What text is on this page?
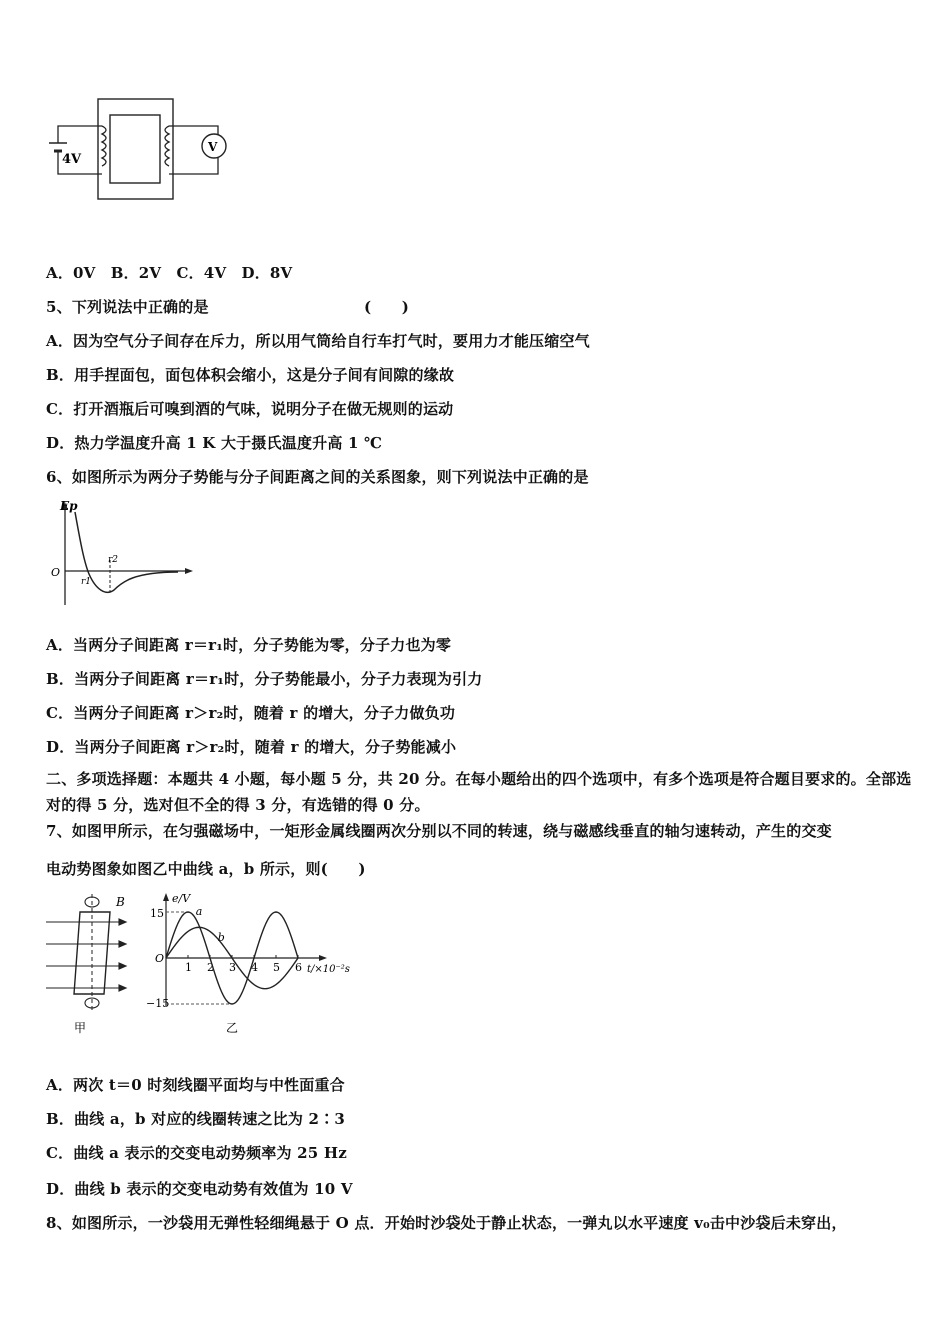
4V
V
A．0V　B．2V　C．4V　D．8V
5、下列说法中正确的是	(　　)
A．因为空气分子间存在斥力，所以用气筒给自行车打气时，要用力才能压缩空气
B．用手捏面包，面包体积会缩小，这是分子间有间隙的缘故
C．打开酒瓶后可嗅到酒的气味，说明分子在做无规则的运动
D．热力学温度升高 1 K 大于摄氏温度升高 1 ℃
6、如图所示为两分子势能与分子间距离之间的关系图象，则下列说法中正确的是
Ep
O
r1
r2
A．当两分子间距离 r＝r₁时，分子势能为零，分子力也为零
B．当两分子间距离 r＝r₁时，分子势能最小，分子力表现为引力
C．当两分子间距离 r＞r₂时，随着 r 的增大，分子力做负功
D．当两分子间距离 r＞r₂时，随着 r 的增大，分子势能减小
二、多项选择题：本题共 4 小题，每小题 5 分，共 20 分。在每小题给出的四个选项中，有多个选项是符合题目要求的。全部选对的得 5 分，选对但不全的得 3 分，有选错的得 0 分。
7、如图甲所示，在匀强磁场中，一矩形金属线圈两次分别以不同的转速，绕与磁感线垂直的轴匀速转动，产生的交变
电动势图象如图乙中曲线 a，b 所示，则(　　)
B
甲
e/V
t/×10⁻²s
O
15
−15
1 2 3 4 5 6
a
b
乙
A．两次 t＝0 时刻线圈平面均与中性面重合
B．曲线 a，b 对应的线圈转速之比为 2∶3
C．曲线 a 表示的交变电动势频率为 25 Hz
D．曲线 b 表示的交变电动势有效值为 10 V
8、如图所示，一沙袋用无弹性轻细绳悬于 O 点．开始时沙袋处于静止状态，一弹丸以水平速度 v₀击中沙袋后未穿出，
